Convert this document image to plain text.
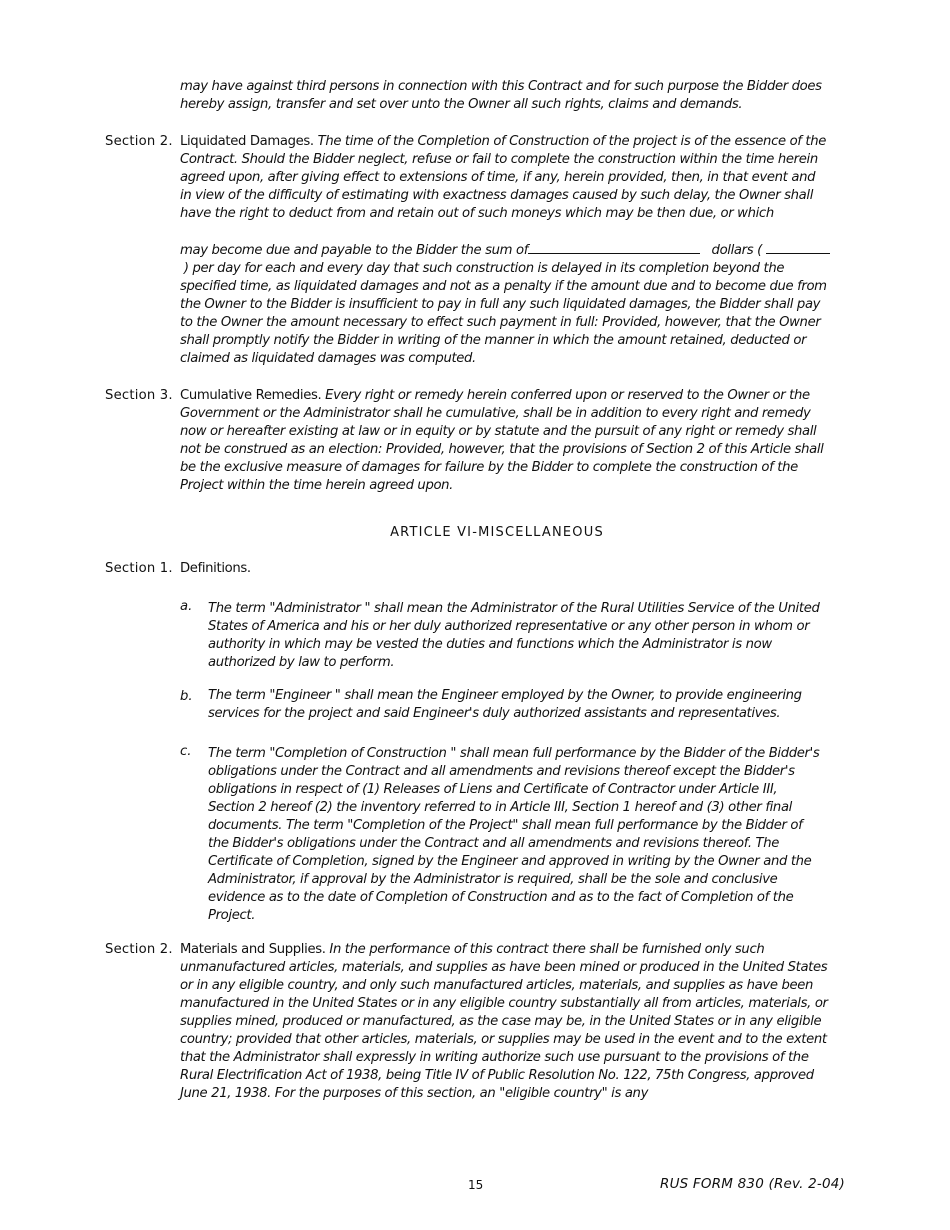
may have against third persons in connection with this Contract and for such purpose the Bidder does hereby assign, transfer and set over unto the Owner all such rights, claims and demands.
Section 2. Liquidated Damages. The time of the Completion of Construction of the project is of the essence of the Contract. Should the Bidder neglect, refuse or fail to complete the construction within the time herein agreed upon, after giving effect to extensions of time, if any, herein provided, then, in that event and in view of the difficulty of estimating with exactness damages caused by such delay, the Owner shall have the right to deduct from and retain out of such moneys which may be then due, or which
may become due and payable to the Bidder the sum of	dollars (  ) per day for each and every day that such construction is delayed in its completion beyond the specified time, as liquidated damages and not as a penalty if the amount due and to become due from the Owner to the Bidder is insufficient to pay in full any such liquidated damages, the Bidder shall pay to the Owner the amount necessary to effect such payment in full: Provided, however, that the Owner shall promptly notify the Bidder in writing of the manner in which the amount retained, deducted or claimed as liquidated damages was computed.
Section 3. Cumulative Remedies. Every right or remedy herein conferred upon or reserved to the Owner or the Government or the Administrator shall he cumulative, shall be in addition to every right and remedy now or hereafter existing at law or in equity or by statute and the pursuit of any right or remedy shall not be construed as an election: Provided, however, that the provisions of Section 2 of this Article shall be the exclusive measure of damages for failure by the Bidder to complete the construction of the Project within the time herein agreed upon.
ARTICLE VI-MISCELLANEOUS
Section 1. Definitions.
a. The term "Administrator " shall mean the Administrator of the Rural Utilities Service of the United States of America and his or her duly authorized representative or any other person in whom or authority in which may be vested the duties and functions which the Administrator is now authorized by law to perform.
b. The term "Engineer " shall mean the Engineer employed by the Owner, to provide engineering services for the project and said Engineer's duly authorized assistants and representatives.
c. The term "Completion of Construction " shall mean full performance by the Bidder of the Bidder's obligations under the Contract and all amendments and revisions thereof except the Bidder's obligations in respect of (1) Releases of Liens and Certificate of Contractor under Article III, Section 2 hereof (2) the inventory referred to in Article III, Section 1 hereof and (3) other final documents. The term "Completion of the Project" shall mean full performance by the Bidder of the Bidder's obligations under the Contract and all amendments and revisions thereof. The Certificate of Completion, signed by the Engineer and approved in writing by the Owner and the Administrator, if approval by the Administrator is required, shall be the sole and conclusive evidence as to the date of Completion of Construction and as to the fact of Completion of the Project.
Section 2. Materials and Supplies. In the performance of this contract there shall be furnished only such unmanufactured articles, materials, and supplies as have been mined or produced in the United States or in any eligible country, and only such manufactured articles, materials, and supplies as have been manufactured in the United States or in any eligible country substantially all from articles, materials, or supplies mined, produced or manufactured, as the case may be, in the United States or in any eligible country; provided that other articles, materials, or supplies may be used in the event and to the extent that the Administrator shall expressly in writing authorize such use pursuant to the provisions of the Rural Electrification Act of 1938, being Title IV of Public Resolution No. 122, 75th Congress, approved June 21, 1938. For the purposes of this section, an "eligible country" is any
15	RUS FORM 830 (Rev. 2-04)
